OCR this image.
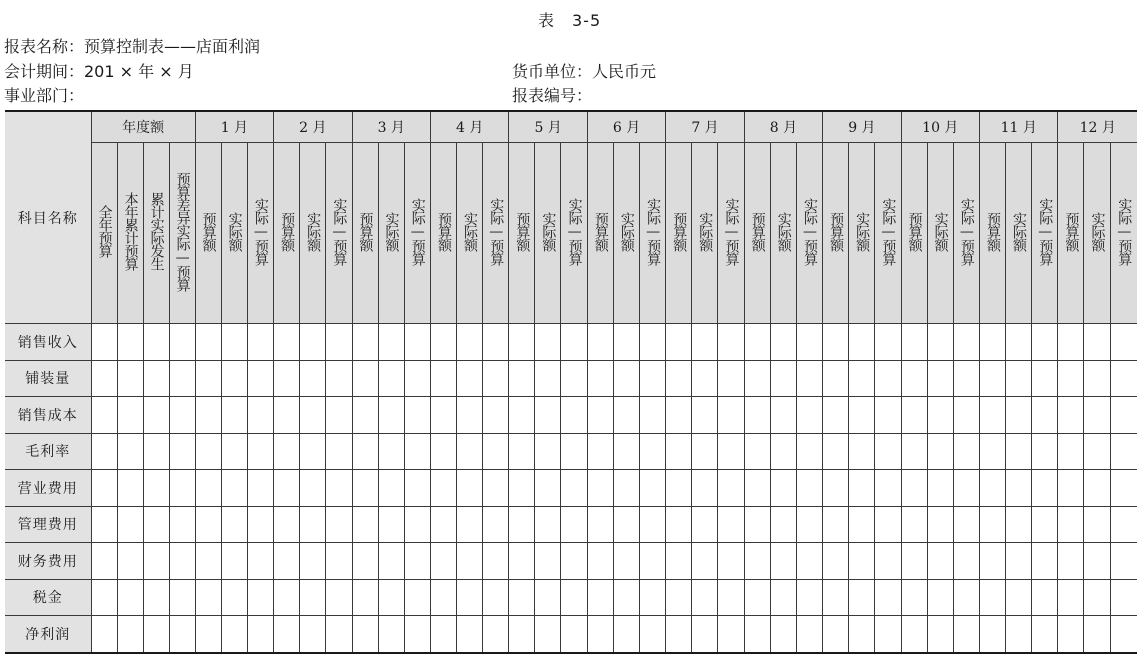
表　3-5
报表名称：预算控制表——店面利润
会计期间：201 × 年 × 月
事业部门：
货币单位：人民币元
报表编号：
科目名称	年度额				1 月			2 月			3 月			4 月			5 月			6 月			7 月			8 月			9 月			10 月			11 月			12 月		
	全年预算	本年累计预算	累计实际发生	预算差异实际—预算	预算额	实际额	实际—预算	预算额	实际额	实际—预算	预算额	实际额	实际—预算	预算额	实际额	实际—预算	预算额	实际额	实际—预算	预算额	实际额	实际—预算	预算额	实际额	实际—预算	预算额	实际额	实际—预算	预算额	实际额	实际—预算	预算额	实际额	实际—预算	预算额	实际额	实际—预算	预算额	实际额	实际—预算
销售收入																																								
铺装量																																								
销售成本																																								
毛利率																																								
营业费用																																								
管理费用																																								
财务费用																																								
税金																																								
净利润																																								
